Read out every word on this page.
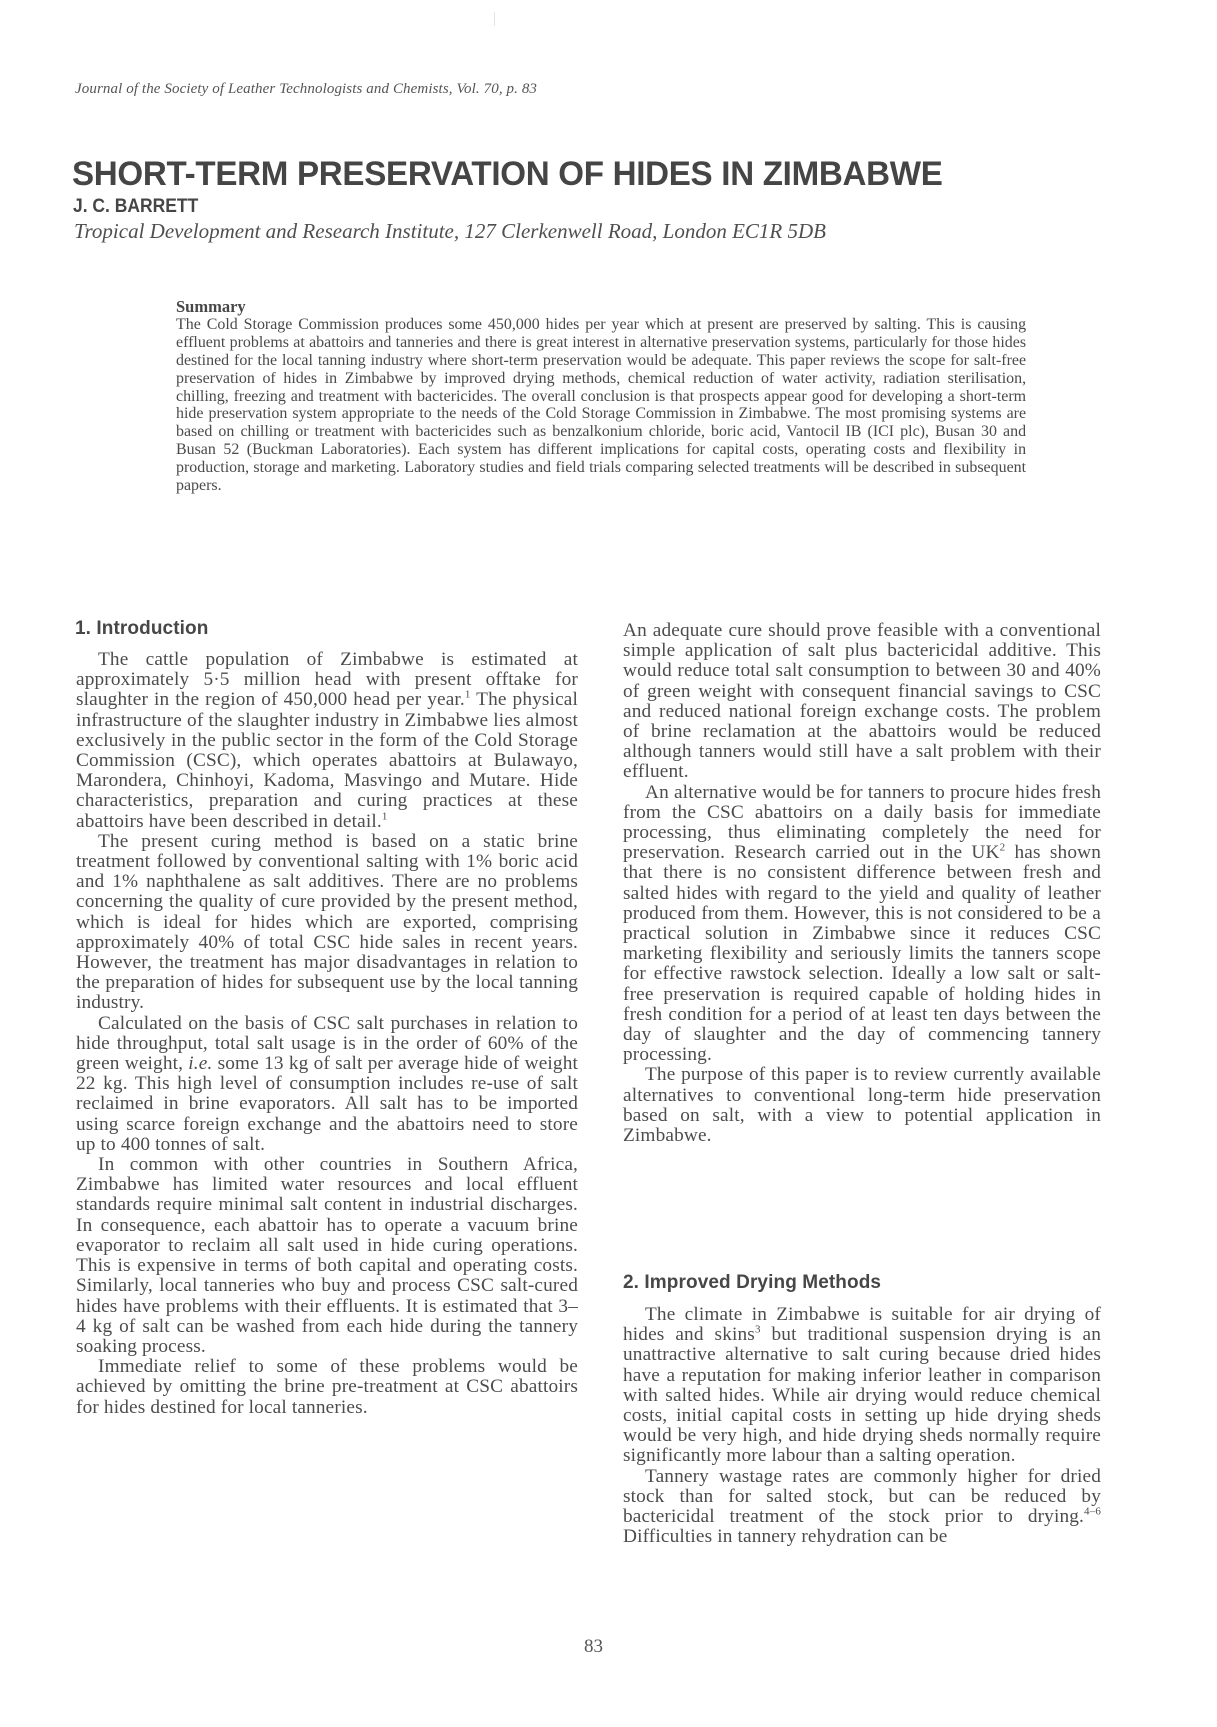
Journal of the Society of Leather Technologists and Chemists, Vol. 70, p. 83
SHORT-TERM PRESERVATION OF HIDES IN ZIMBABWE
J. C. BARRETT
Tropical Development and Research Institute, 127 Clerkenwell Road, London EC1R 5DB
Summary

The Cold Storage Commission produces some 450,000 hides per year which at present are preserved by salting. This is causing effluent problems at abattoirs and tanneries and there is great interest in alternative preservation systems, particularly for those hides destined for the local tanning industry where short-term preservation would be adequate. This paper reviews the scope for salt-free preservation of hides in Zimbabwe by improved drying methods, chemical reduction of water activity, radiation sterilisation, chilling, freezing and treatment with bactericides. The overall conclusion is that prospects appear good for developing a short-term hide preservation system appropriate to the needs of the Cold Storage Commission in Zimbabwe. The most promising systems are based on chilling or treatment with bactericides such as benzalkonium chloride, boric acid, Vantocil IB (ICI plc), Busan 30 and Busan 52 (Buckman Laboratories). Each system has different implications for capital costs, operating costs and flexibility in production, storage and marketing. Laboratory studies and field trials comparing selected treatments will be described in subsequent papers.

1. Introduction

The cattle population of Zimbabwe is estimated at approximately 5·5 million head with present offtake for slaughter in the region of 450,000 head per year.$^1$ The physical infrastructure of the slaughter industry in Zimbabwe lies almost exclusively in the public sector in the form of the Cold Storage Commission (CSC), which operates abattoirs at Bulawayo, Marondera, Chinhoyi, Kadoma, Masvingo and Mutare. Hide characteristics, preparation and curing practices at these abattoirs have been described in detail.$^1$

The present curing method is based on a static brine treatment followed by conventional salting with 1% boric acid and 1% naphthalene as salt additives. There are no problems concerning the quality of cure provided by the present method, which is ideal for hides which are exported, comprising approximately 40% of total CSC hide sales in recent years. However, the treatment has major disadvantages in relation to the preparation of hides for subsequent use by the local tanning industry.

Calculated on the basis of CSC salt purchases in relation to hide throughput, total salt usage is in the order of 60% of the green weight, i.e. some 13 kg of salt per average hide of weight 22 kg. This high level of consumption includes re-use of salt reclaimed in brine evaporators. All salt has to be imported using scarce foreign exchange and the abattoirs need to store up to 400 tonnes of salt.

In common with other countries in Southern Africa, Zimbabwe has limited water resources and local effluent standards require minimal salt content in industrial discharges. In consequence, each abattoir has to operate a vacuum brine evaporator to reclaim all salt used in hide curing operations. This is expensive in terms of both capital and operating costs. Similarly, local tanneries who buy and process CSC salt-cured hides have problems with their effluents. It is estimated that 3–4 kg of salt can be washed from each hide during the tannery soaking process.

Immediate relief to some of these problems would be achieved by omitting the brine pre-treatment at CSC abattoirs for hides destined for local tanneries.

An adequate cure should prove feasible with a conventional simple application of salt plus bactericidal additive. This would reduce total salt consumption to between 30 and 40% of green weight with consequent financial savings to CSC and reduced national foreign exchange costs. The problem of brine reclamation at the abattoirs would be reduced although tanners would still have a salt problem with their effluent.

An alternative would be for tanners to procure hides fresh from the CSC abattoirs on a daily basis for immediate processing, thus eliminating completely the need for preservation. Research carried out in the $UK^2$ has shown that there is no consistent difference between fresh and salted hides with regard to the yield and quality of leather produced from them. However, this is not considered to be a practical solution in Zimbabwe since it reduces CSC marketing flexibility and seriously limits the tanners scope for effective rawstock selection. Ideally a low salt or salt-free preservation is required capable of holding hides in fresh condition for a period of at least ten days between the day of slaughter and the day of commencing tannery processing.

The purpose of this paper is to review currently available alternatives to conventional long-term hide preservation based on salt, with a view to potential application in Zimbabwe.

2. Improved Drying Methods

The climate in Zimbabwe is suitable for air drying of hides and skins$^3$ but traditional suspension drying is an unattractive alternative to salt curing because dried hides have a reputation for making inferior leather in comparison with salted hides. While air drying would reduce chemical costs, initial capital costs in setting up hide drying sheds would be very high, and hide drying sheds normally require significantly more labour than a salting operation.

Tannery wastage rates are commonly higher for dried stock than for salted stock, but can be reduced by bactericidal treatment of the stock prior to drying.$^{4-6}$ Difficulties in tannery rehydration can be

83
